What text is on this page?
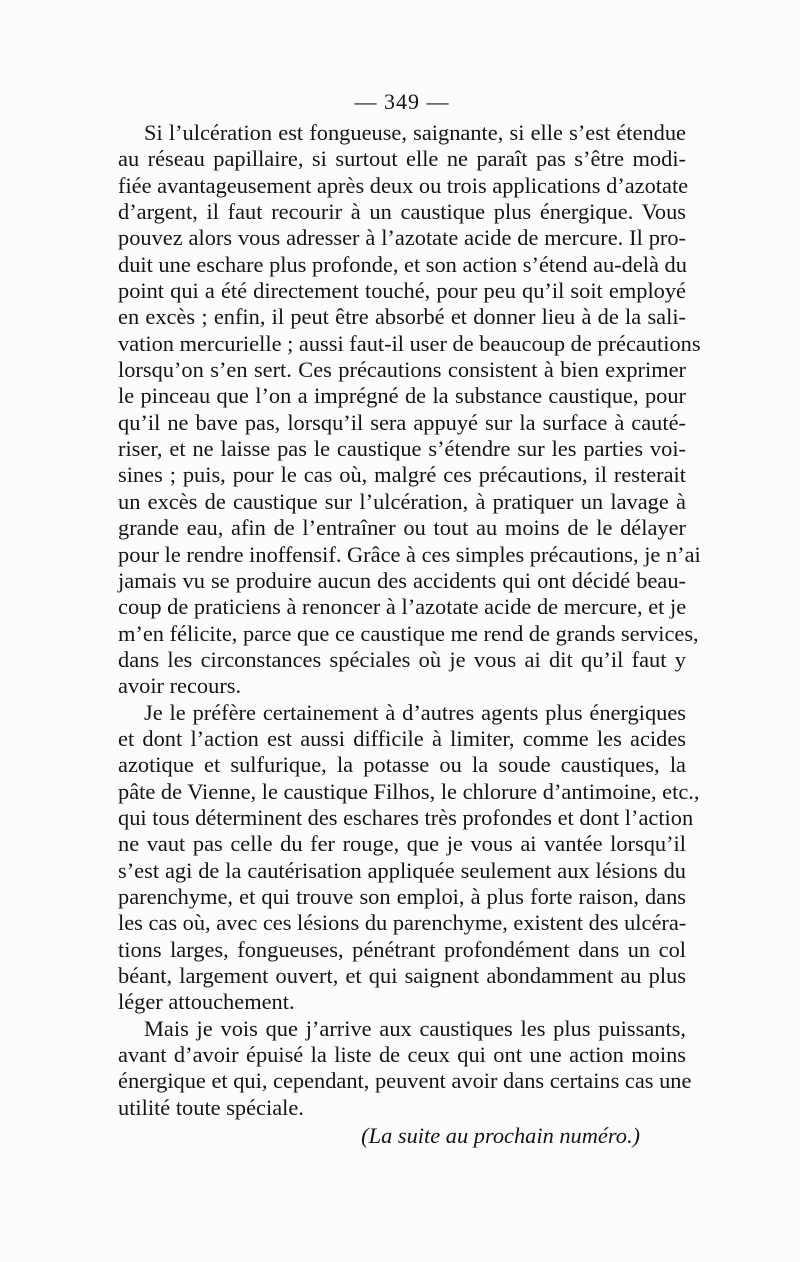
— 349 —
Si l’ulcération est fongueuse, saignante, si elle s’est étendue
au réseau papillaire, si surtout elle ne paraît pas s’être modi-
fiée avantageusement après deux ou trois applications d’azotate
d’argent, il faut recourir à un caustique plus énergique. Vous
pouvez alors vous adresser à l’azotate acide de mercure. Il pro-
duit une eschare plus profonde, et son action s’étend au-delà du
point qui a été directement touché, pour peu qu’il soit employé
en excès ; enfin, il peut être absorbé et donner lieu à de la sali-
vation mercurielle ; aussi faut-il user de beaucoup de précautions
lorsqu’on s’en sert. Ces précautions consistent à bien exprimer
le pinceau que l’on a imprégné de la substance caustique, pour
qu’il ne bave pas, lorsqu’il sera appuyé sur la surface à cauté-
riser, et ne laisse pas le caustique s’étendre sur les parties voi-
sines ; puis, pour le cas où, malgré ces précautions, il resterait
un excès de caustique sur l’ulcération, à pratiquer un lavage à
grande eau, afin de l’entraîner ou tout au moins de le délayer
pour le rendre inoffensif. Grâce à ces simples précautions, je n’ai
jamais vu se produire aucun des accidents qui ont décidé beau-
coup de praticiens à renoncer à l’azotate acide de mercure, et je
m’en félicite, parce que ce caustique me rend de grands services,
dans les circonstances spéciales où je vous ai dit qu’il faut y
avoir recours.
Je le préfère certainement à d’autres agents plus énergiques
et dont l’action est aussi difficile à limiter, comme les acides
azotique et sulfurique, la potasse ou la soude caustiques, la
pâte de Vienne, le caustique Filhos, le chlorure d’antimoine, etc.,
qui tous déterminent des eschares très profondes et dont l’action
ne vaut pas celle du fer rouge, que je vous ai vantée lorsqu’il
s’est agi de la cautérisation appliquée seulement aux lésions du
parenchyme, et qui trouve son emploi, à plus forte raison, dans
les cas où, avec ces lésions du parenchyme, existent des ulcéra-
tions larges, fongueuses, pénétrant profondément dans un col
béant, largement ouvert, et qui saignent abondamment au plus
léger attouchement.
Mais je vois que j’arrive aux caustiques les plus puissants,
avant d’avoir épuisé la liste de ceux qui ont une action moins
énergique et qui, cependant, peuvent avoir dans certains cas une
utilité toute spéciale.
(La suite au prochain numéro.)
